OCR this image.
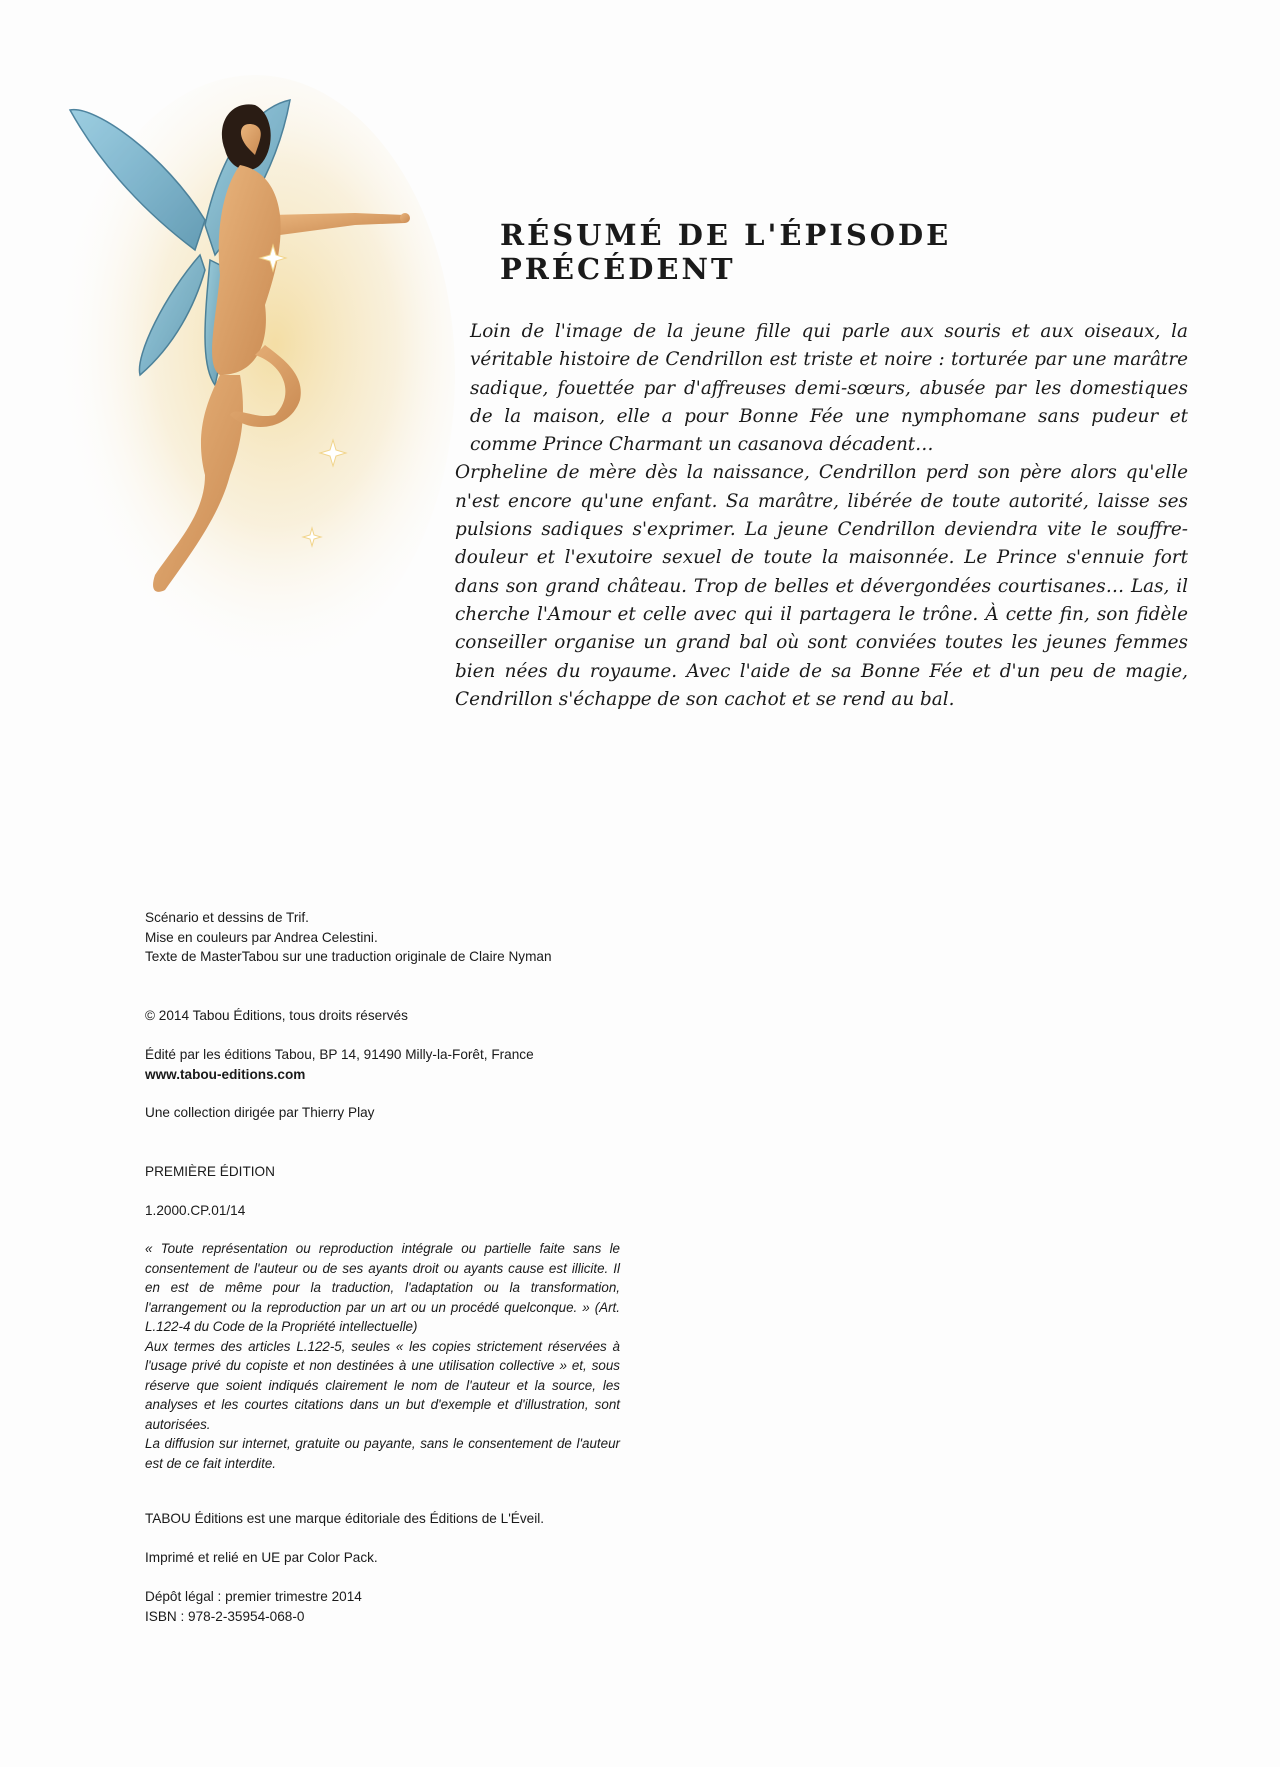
RÉSUMÉ DE L'ÉPISODE PRÉCÉDENT

Loin de l'image de la jeune fille qui parle aux souris et aux oiseaux, la véritable histoire de Cendrillon est triste et noire : torturée par une marâtre sadique, fouettée par d'affreuses demi-sœurs, abusée par les domestiques de la maison, elle a pour Bonne Fée une nymphomane sans pudeur et comme Prince Charmant un casanova décadent…

Orpheline de mère dès la naissance, Cendrillon perd son père alors qu'elle n'est encore qu'une enfant. Sa marâtre, libérée de toute autorité, laisse ses pulsions sadiques s'exprimer. La jeune Cendrillon deviendra vite le souffre-douleur et l'exutoire sexuel de toute la maisonnée. Le Prince s'ennuie fort dans son grand château. Trop de belles et dévergondées courtisanes… Las, il cherche l'Amour et celle avec qui il partagera le trône. À cette fin, son fidèle conseiller organise un grand bal où sont conviées toutes les jeunes femmes bien nées du royaume. Avec l'aide de sa Bonne Fée et d'un peu de magie, Cendrillon s'échappe de son cachot et se rend au bal.

Scénario et dessins de Trif.
Mise en couleurs par Andrea Celestini.
Texte de MasterTabou sur une traduction originale de Claire Nyman
© 2014 Tabou Éditions, tous droits réservés
Édité par les éditions Tabou, BP 14, 91490 Milly-la-Forêt, France
www.tabou-editions.com
Une collection dirigée par Thierry Play
PREMIÈRE ÉDITION
1.2000.CP.01/14
« Toute représentation ou reproduction intégrale ou partielle faite sans le consentement de l'auteur ou de ses ayants droit ou ayants cause est illicite. Il en est de même pour la traduction, l'adaptation ou la transformation, l'arrangement ou la reproduction par un art ou un procédé quelconque. » (Art. L.122-4 du Code de la Propriété intellectuelle)
Aux termes des articles L.122-5, seules « les copies strictement réservées à l'usage privé du copiste et non destinées à une utilisation collective » et, sous réserve que soient indiqués clairement le nom de l'auteur et la source, les analyses et les courtes citations dans un but d'exemple et d'illustration, sont autorisées.
La diffusion sur internet, gratuite ou payante, sans le consentement de l'auteur est de ce fait interdite.
TABOU Éditions est une marque éditoriale des Éditions de L'Éveil.
Imprimé et relié en UE par Color Pack.
Dépôt légal : premier trimestre 2014
ISBN : 978-2-35954-068-0
